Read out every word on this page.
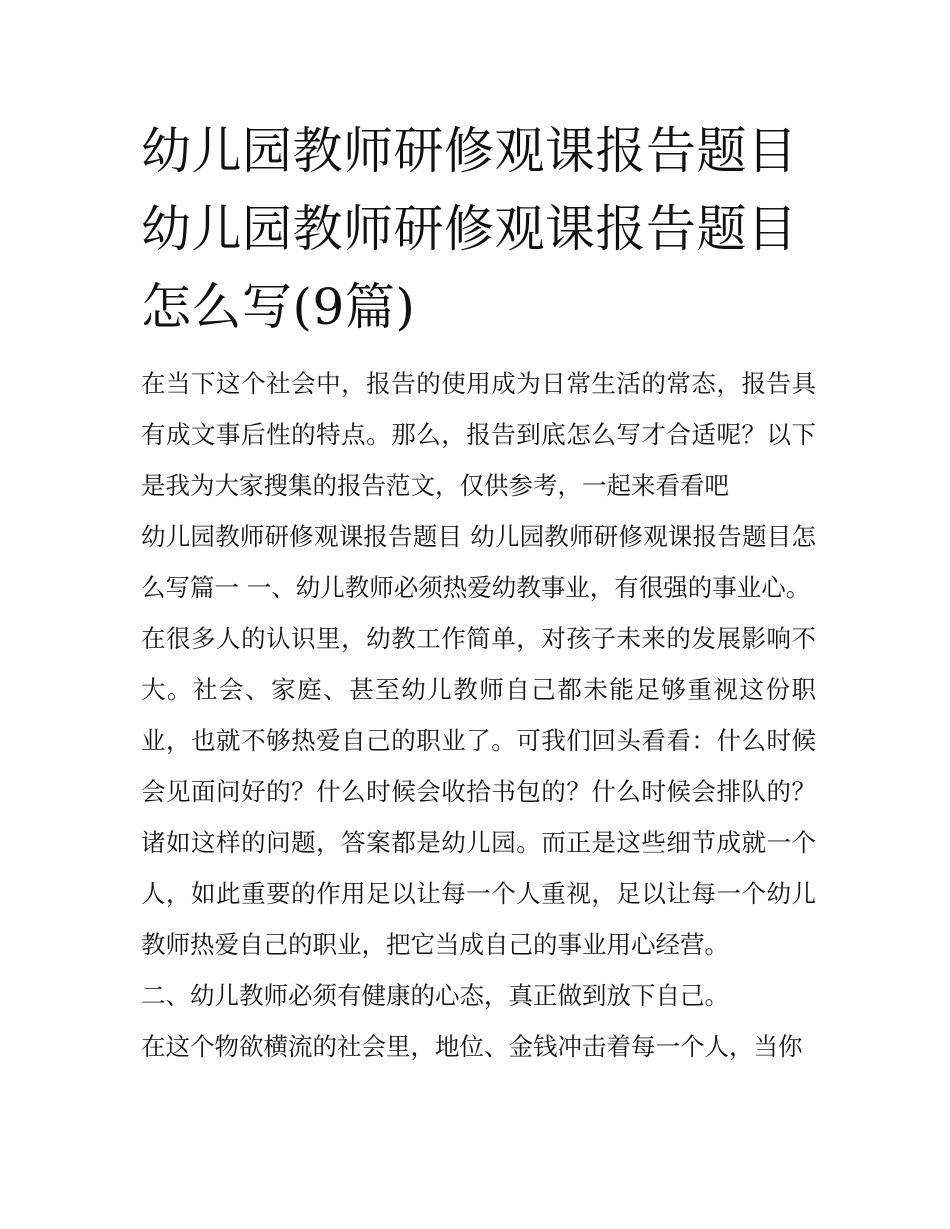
幼儿园教师研修观课报告题目 幼儿园教师研修观课报告题目怎么写(9篇)

在当下这个社会中，报告的使用成为日常生活的常态，报告具有成文事后性的特点。那么，报告到底怎么写才合适呢？以下是我为大家搜集的报告范文，仅供参考，一起来看看吧

幼儿园教师研修观课报告题目 幼儿园教师研修观课报告题目怎么写篇一 一、幼儿教师必须热爱幼教事业，有很强的事业心。

在很多人的认识里，幼教工作简单，对孩子未来的发展影响不大。社会、家庭、甚至幼儿教师自己都未能足够重视这份职业，也就不够热爱自己的职业了。可我们回头看看：什么时候会见面问好的？什么时候会收拾书包的？什么时候会排队的？诸如这样的问题，答案都是幼儿园。而正是这些细节成就一个人，如此重要的作用足以让每一个人重视，足以让每一个幼儿教师热爱自己的职业，把它当成自己的事业用心经营。

二、幼儿教师必须有健康的心态，真正做到放下自己。

在这个物欲横流的社会里，地位、金钱冲击着每一个人，当你
